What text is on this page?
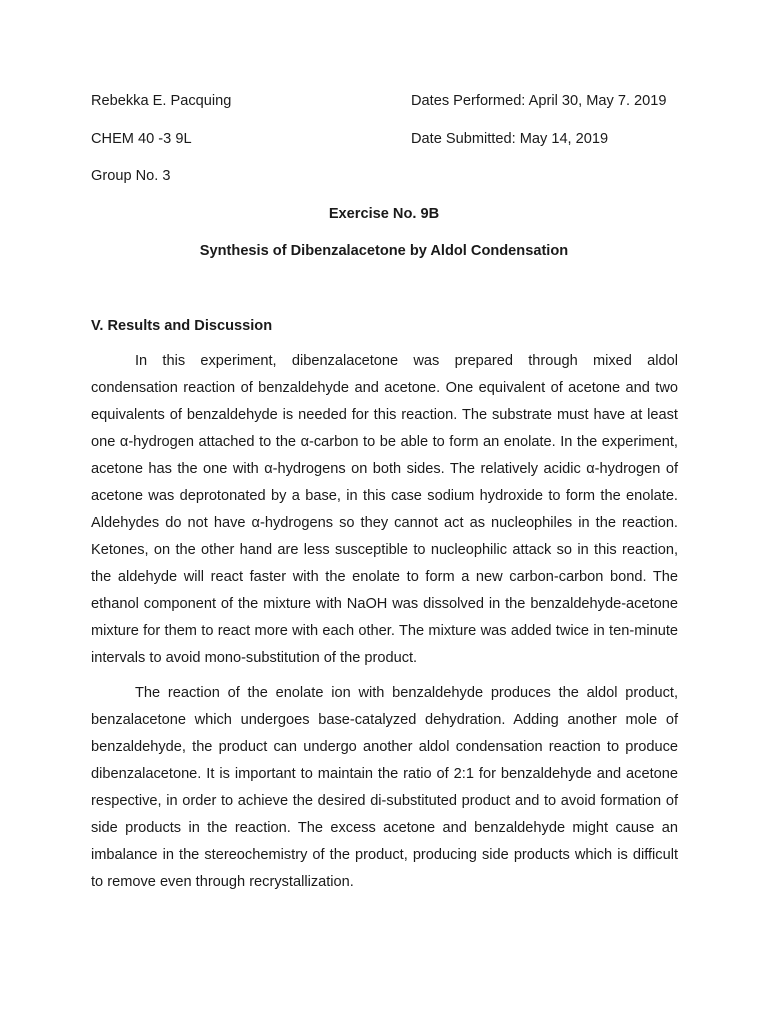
Rebekka E. Pacquing	Dates Performed: April 30, May 7. 2019
CHEM 40 -3 9L	Date Submitted: May 14, 2019
Group No. 3
Exercise No. 9B
Synthesis of Dibenzalacetone by Aldol Condensation
V. Results and Discussion

In this experiment, dibenzalacetone was prepared through mixed aldol condensation reaction of benzaldehyde and acetone. One equivalent of acetone and two equivalents of benzaldehyde is needed for this reaction. The substrate must have at least one α-hydrogen attached to the α-carbon to be able to form an enolate. In the experiment, acetone has the one with α-hydrogens on both sides. The relatively acidic α-hydrogen of acetone was deprotonated by a base, in this case sodium hydroxide to form the enolate. Aldehydes do not have α-hydrogens so they cannot act as nucleophiles in the reaction. Ketones, on the other hand are less susceptible to nucleophilic attack so in this reaction, the aldehyde will react faster with the enolate to form a new carbon-carbon bond. The ethanol component of the mixture with NaOH was dissolved in the benzaldehyde-acetone mixture for them to react more with each other. The mixture was added twice in ten-minute intervals to avoid mono-substitution of the product.

The reaction of the enolate ion with benzaldehyde produces the aldol product, benzalacetone which undergoes base-catalyzed dehydration. Adding another mole of benzaldehyde, the product can undergo another aldol condensation reaction to produce dibenzalacetone. It is important to maintain the ratio of 2:1 for benzaldehyde and acetone respective, in order to achieve the desired di-substituted product and to avoid formation of side products in the reaction. The excess acetone and benzaldehyde might cause an imbalance in the stereochemistry of the product, producing side products which is difficult to remove even through recrystallization.
